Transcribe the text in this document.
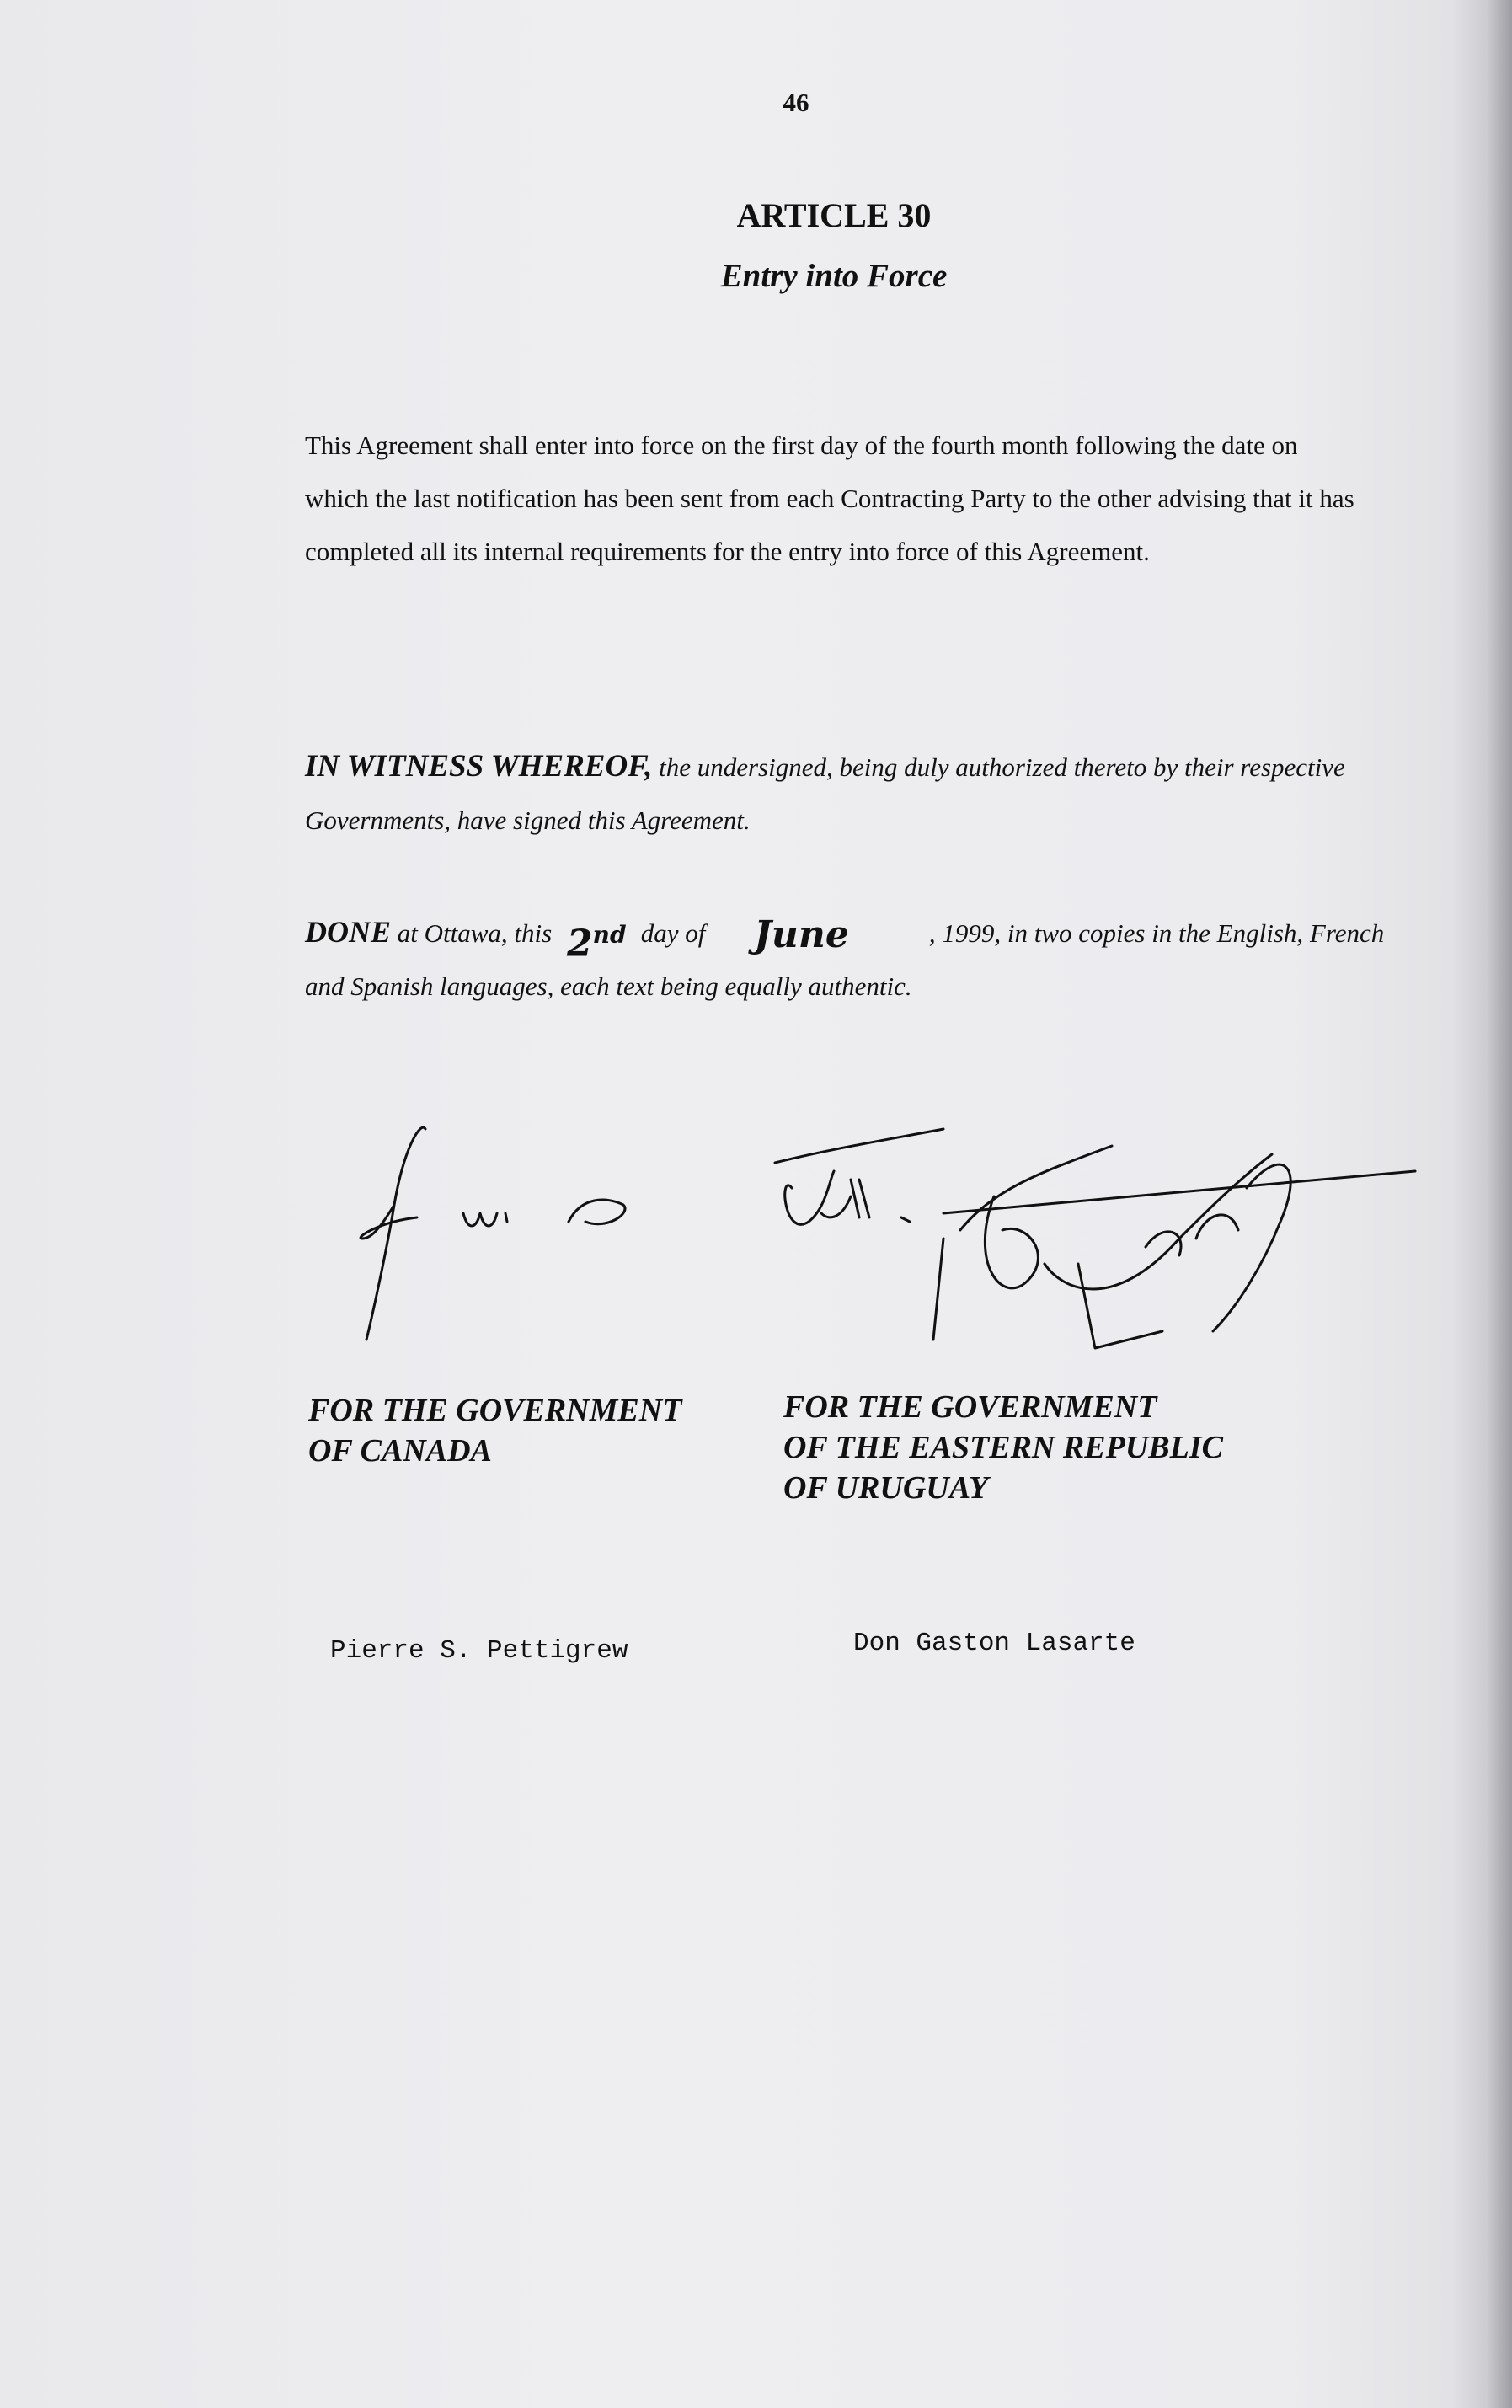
46
ARTICLE 30
Entry into Force
This Agreement shall enter into force on the first day of the fourth month following the date on which the last notification has been sent from each Contracting Party to the other advising that it has completed all its internal requirements for the entry into force of this Agreement.
IN WITNESS WHEREOF, the undersigned, being duly authorized thereto by their respective Governments, have signed this Agreement.
DONE at Ottawa, this 2nd day of June	, 1999, in two copies in the English, French and Spanish languages, each text being equally authentic.
FOR THE GOVERNMENT
OF CANADA
FOR THE GOVERNMENT
OF THE EASTERN REPUBLIC
OF URUGUAY
Pierre S. Pettigrew	Don Gaston Lasarte
